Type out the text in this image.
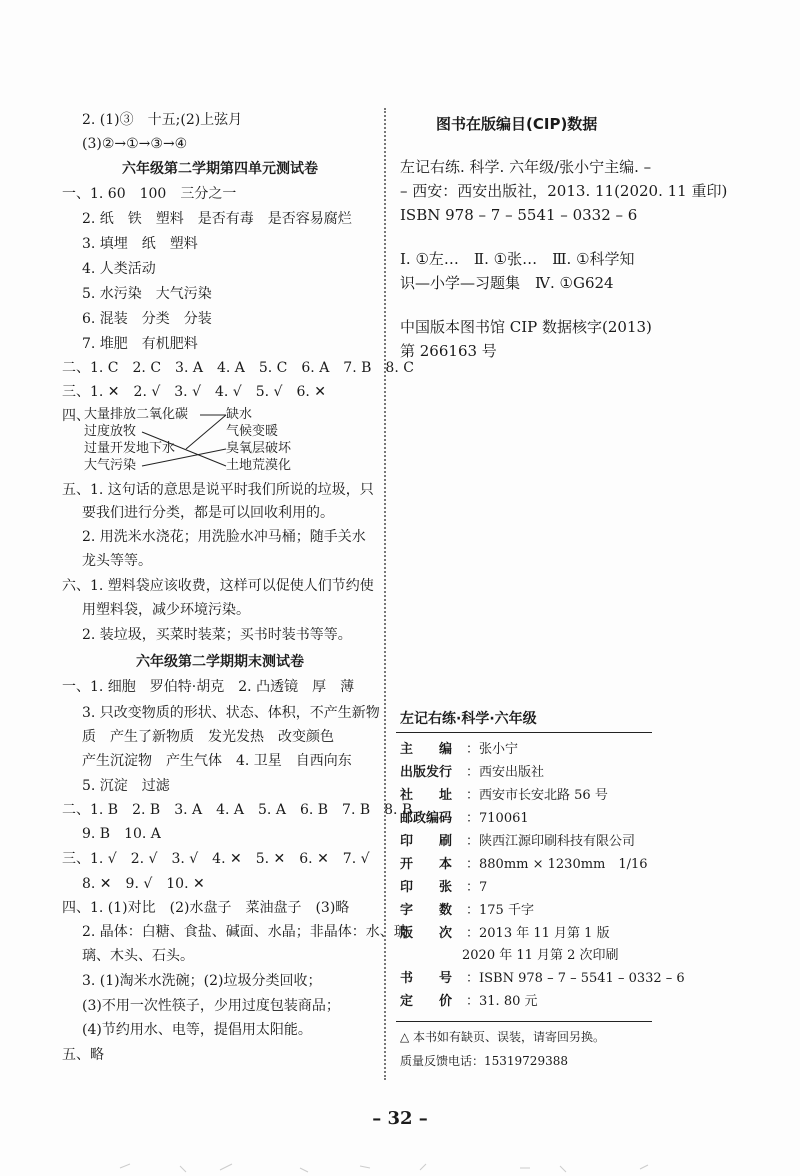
2. (1)③　十五;(2)上弦月
(3)②→①→③→④
六年级第二学期第四单元测试卷
一、1. 60　100　三分之一
2. 纸　铁　塑料　是否有毒　是否容易腐烂
3. 填埋　纸　塑料
4. 人类活动
5. 水污染　大气污染
6. 混装　分类　分装
7. 堆肥　有机肥料
二、1. C　2. C　3. A　4. A　5. C　6. A　7. B　8. C
三、1. ✕　2. √　3. √　4. √　5. √　6. ✕
四、
大量排放二氧化碳
过度放牧
过量开发地下水
大气污染
缺水
气候变暖
臭氧层破坏
土地荒漠化
五、1. 这句话的意思是说平时我们所说的垃圾，只
要我们进行分类，都是可以回收利用的。
2. 用洗米水浇花；用洗脸水冲马桶；随手关水
龙头等等。
六、1. 塑料袋应该收费，这样可以促使人们节约使
用塑料袋，减少环境污染。
2. 装垃圾，买菜时装菜；买书时装书等等。
六年级第二学期期末测试卷
一、1. 细胞　罗伯特·胡克　2. 凸透镜　厚　薄
3. 只改变物质的形状、状态、体积，不产生新物
质　产生了新物质　发光发热　改变颜色
产生沉淀物　产生气体　4. 卫星　自西向东
5. 沉淀　过滤
二、1. B　2. B　3. A　4. A　5. A　6. B　7. B　8. B
9. B　10. A
三、1. √　2. √　3. √　4. ✕　5. ✕　6. ✕　7. √
8. ✕　9. √　10. ✕
四、1. (1)对比　(2)水盘子　菜油盘子　(3)略
2. 晶体：白糖、食盐、碱面、水晶；非晶体：水、玻
璃、木头、石头。
3. (1)淘米水洗碗；(2)垃圾分类回收；
(3)不用一次性筷子，少用过度包装商品；
(4)节约用水、电等，提倡用太阳能。
五、略
图书在版编目(CIP)数据
左记右练. 科学. 六年级/张小宁主编. –
– 西安：西安出版社，2013. 11(2020. 11 重印)
ISBN 978 – 7 – 5541 – 0332 – 6
Ⅰ. ①左…　Ⅱ. ①张…　Ⅲ. ①科学知
识—小学—习题集　Ⅳ. ①G624
中国版本图书馆 CIP 数据核字(2013)
第 266163 号
左记右练·科学·六年级
主　　编 ：张小宁
出版发行 ：西安出版社
社　　址 ：西安市长安北路 56 号
邮政编码 ：710061
印　　刷 ：陕西江源印刷科技有限公司
开　　本 ：880mm × 1230mm　1/16
印　　张 ：7
字　　数 ：175 千字
版　　次 ：2013 年 11 月第 1 版
2020 年 11 月第 2 次印刷
书　　号 ：ISBN 978 – 7 – 5541 – 0332 – 6
定　　价 ：31. 80 元
△ 本书如有缺页、误装，请寄回另换。
质量反馈电话：15319729388
– 32 –
